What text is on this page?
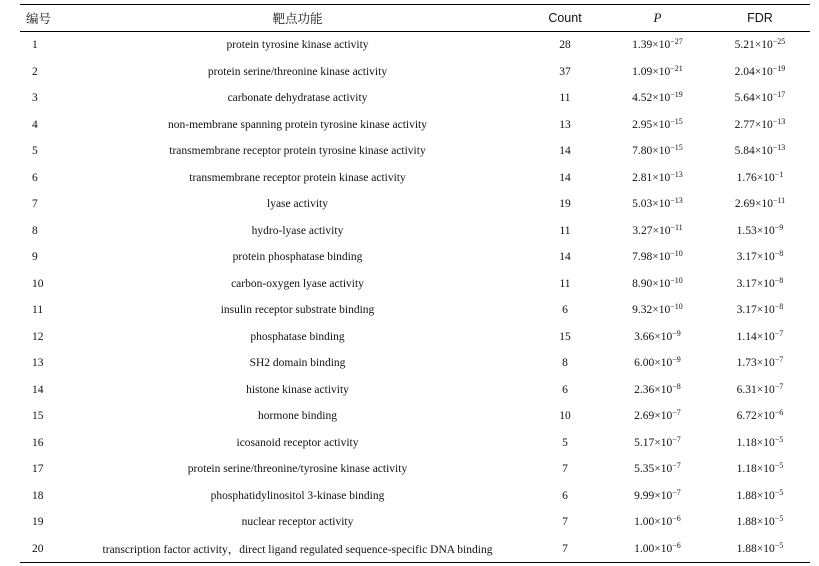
编号	靶点功能	Count	P	FDR
1	protein tyrosine kinase activity	28	$1.39\times 10^{-27}$	$5.21\times 10^{-25}$
2	protein serine/threonine kinase activity	37	$1.09\times 10^{-21}$	$2.04\times 10^{-19}$
3	carbonate dehydratase activity	11	$4.52\times 10^{-19}$	$5.64\times 10^{-17}$
4	non-membrane spanning protein tyrosine kinase activity	13	$2.95\times 10^{-15}$	$2.77\times 10^{-13}$
5	transmembrane receptor protein tyrosine kinase activity	14	$7.80\times 10^{-15}$	$5.84\times 10^{-13}$
6	transmembrane receptor protein kinase activity	14	$2.81\times 10^{-13}$	$1.76\times 10^{-1}$
7	lyase activity	19	$5.03\times 10^{-13}$	$2.69\times 10^{-11}$
8	hydro-lyase activity	11	$3.27\times 10^{-11}$	$1.53\times 10^{-9}$
9	protein phosphatase binding	14	$7.98\times 10^{-10}$	$3.17\times 10^{-8}$
10	carbon-oxygen lyase activity	11	$8.90\times 10^{-10}$	$3.17\times 10^{-8}$
11	insulin receptor substrate binding	6	$9.32\times 10^{-10}$	$3.17\times 10^{-8}$
12	phosphatase binding	15	$3.66\times 10^{-9}$	$1.14\times 10^{-7}$
13	SH2 domain binding	8	$6.00\times 10^{-9}$	$1.73\times 10^{-7}$
14	histone kinase activity	6	$2.36\times 10^{-8}$	$6.31\times 10^{-7}$
15	hormone binding	10	$2.69\times 10^{-7}$	$6.72\times 10^{-6}$
16	icosanoid receptor activity	5	$5.17\times 10^{-7}$	$1.18\times 10^{-5}$
17	protein serine/threonine/tyrosine kinase activity	7	$5.35\times 10^{-7}$	$1.18\times 10^{-5}$
18	phosphatidylinositol 3-kinase binding	6	$9.99\times 10^{-7}$	$1.88\times 10^{-5}$
19	nuclear receptor activity	7	$1.00\times 10^{-6}$	$1.88\times 10^{-5}$
20	transcription factor activity，direct ligand regulated sequence-specific DNA binding	7	$1.00\times 10^{-6}$	$1.88\times 10^{-5}$
